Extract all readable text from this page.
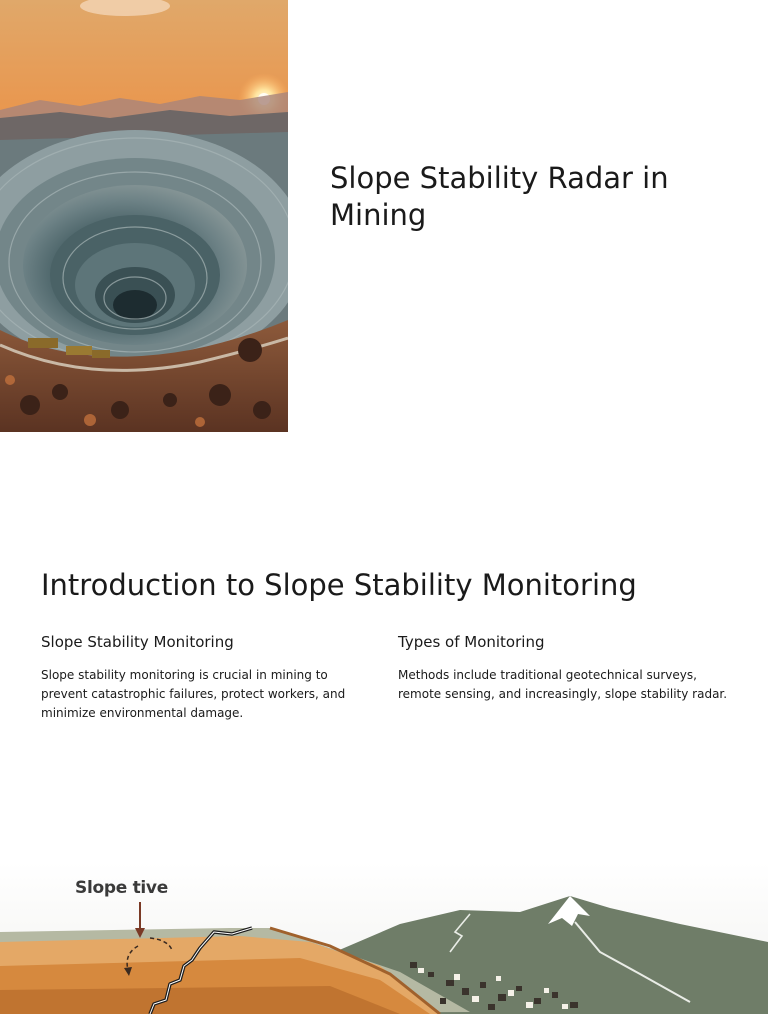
Slope Stability Radar in Mining
Introduction to Slope Stability Monitoring
Slope Stability Monitoring

Slope stability monitoring is crucial in mining to prevent catastrophic failures, protect workers, and minimize environmental damage.

Types of Monitoring

Methods include traditional geotechnical surveys, remote sensing, and increasingly, slope stability radar.

Slope tive
